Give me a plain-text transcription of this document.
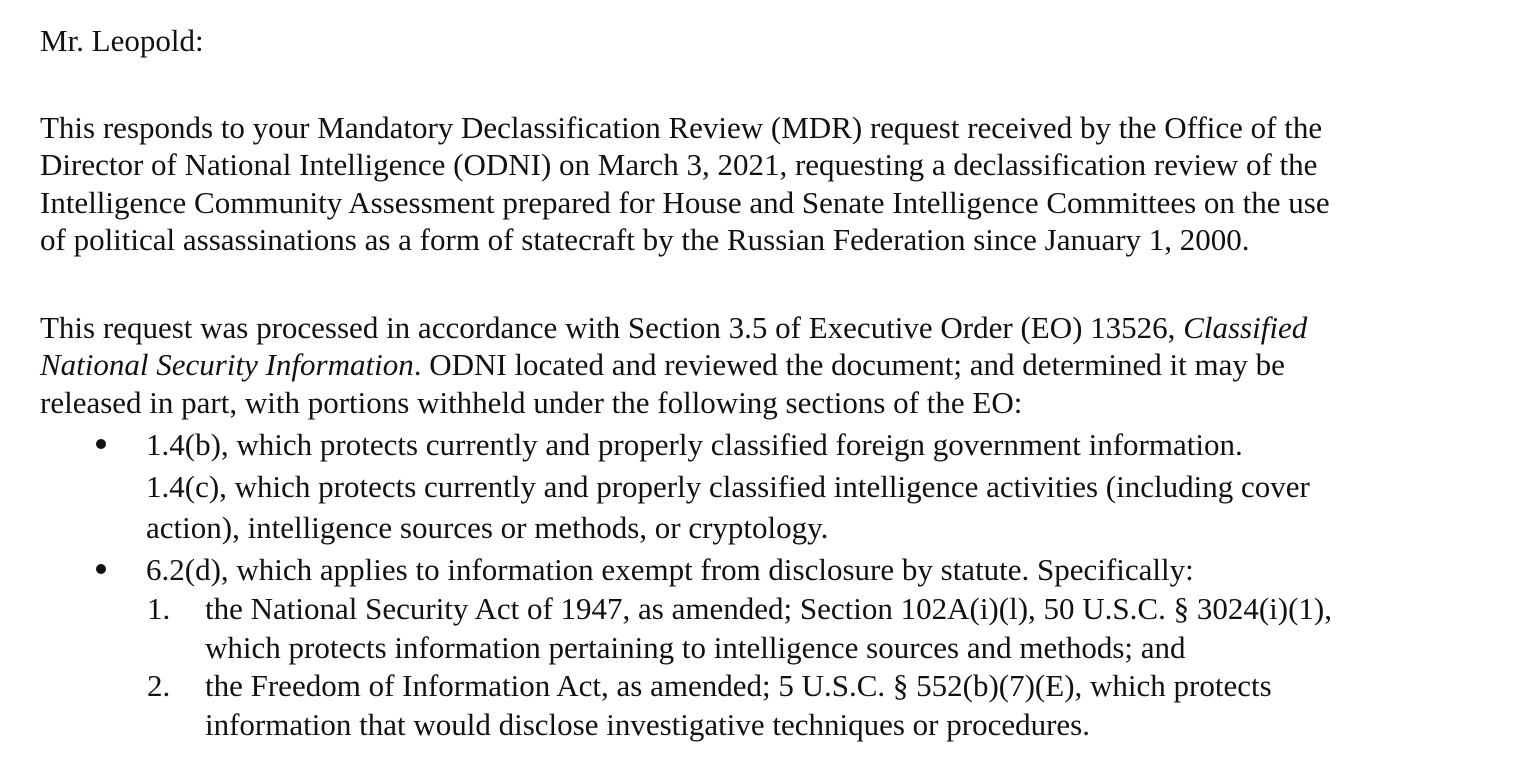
Mr. Leopold:

This responds to your Mandatory Declassification Review (MDR) request received by the Office of the
Director of National Intelligence (ODNI) on March 3, 2021, requesting a declassification review of the
Intelligence Community Assessment prepared for House and Senate Intelligence Committees on the use
of political assassinations as a form of statecraft by the Russian Federation since January 1, 2000.

This request was processed in accordance with Section 3.5 of Executive Order (EO) 13526, Classified
National Security Information. ODNI located and reviewed the document; and determined it may be
released in part, with portions withheld under the following sections of the EO:

1.4(b), which protects currently and properly classified foreign government information.
1.4(c), which protects currently and properly classified intelligence activities (including cover
action), intelligence sources or methods, or cryptology.
6.2(d), which applies to information exempt from disclosure by statute. Specifically:
1. the National Security Act of 1947, as amended; Section 102A(i)(l), 50 U.S.C. § 3024(i)(1),
which protects information pertaining to intelligence sources and methods; and
2. the Freedom of Information Act, as amended; 5 U.S.C. § 552(b)(7)(E), which protects
information that would disclose investigative techniques or procedures.
